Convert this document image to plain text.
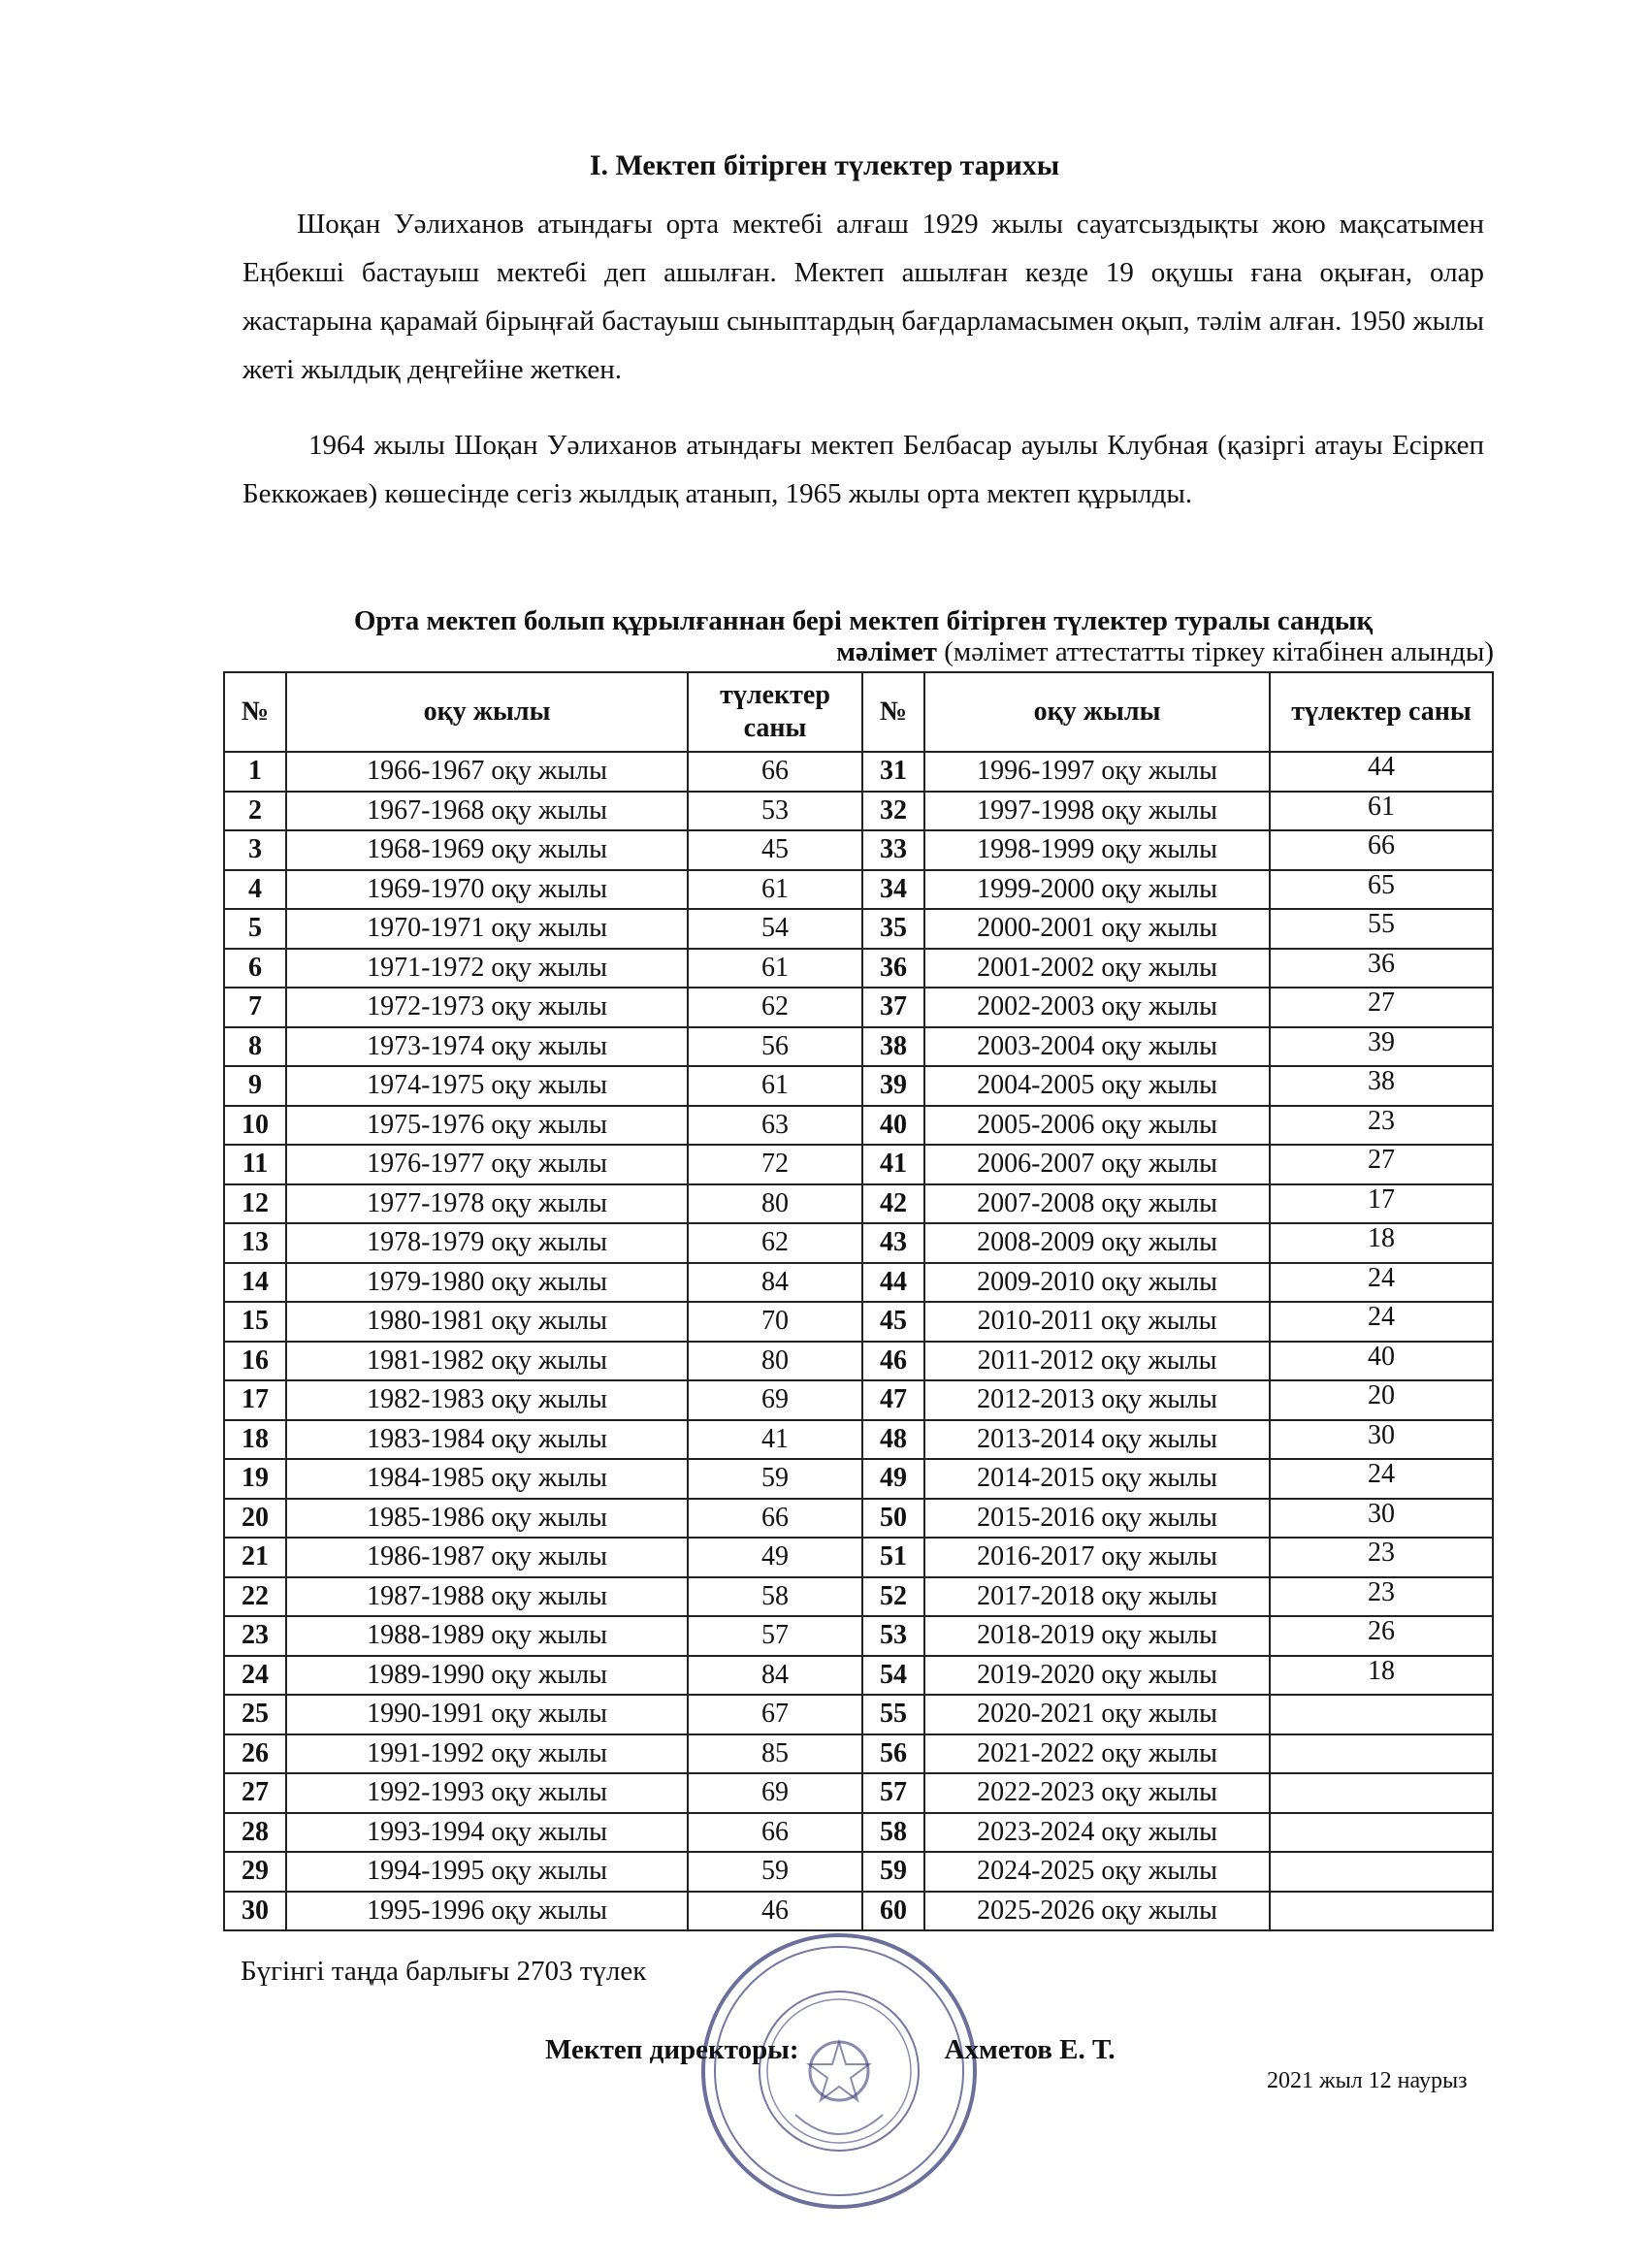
І. Мектеп бітірген түлектер тарихы

Шоқан Уәлиханов атындағы орта мектебі алғаш 1929 жылы сауатсыздықты жою мақсатымен Еңбекші бастауыш мектебі деп ашылған. Мектеп ашылған кезде 19 оқушы ғана оқыған, олар жастарына қарамай бірыңғай бастауыш сыныптардың бағдарламасымен оқып, тәлім алған. 1950 жылы жеті жылдық деңгейіне жеткен.

1964 жылы Шоқан Уәлиханов атындағы мектеп Белбасар ауылы Клубная (қазіргі атауы Есіркеп Беккожаев) көшесінде сегіз жылдық атанып, 1965 жылы орта мектеп құрылды.

Орта мектеп болып құрылғаннан бері мектеп бітірген түлектер туралы сандық
мәлімет (мәлімет аттестатты тіркеу кітабінен алынды)
№	оқу жылы	түлектер саны	№	оқу жылы	түлектер саны
1	1966-1967 оқу жылы	66	31	1996-1997 оқу жылы	44
2	1967-1968 оқу жылы	53	32	1997-1998 оқу жылы	61
3	1968-1969 оқу жылы	45	33	1998-1999 оқу жылы	66
4	1969-1970 оқу жылы	61	34	1999-2000 оқу жылы	65
5	1970-1971 оқу жылы	54	35	2000-2001 оқу жылы	55
6	1971-1972 оқу жылы	61	36	2001-2002 оқу жылы	36
7	1972-1973 оқу жылы	62	37	2002-2003 оқу жылы	27
8	1973-1974 оқу жылы	56	38	2003-2004 оқу жылы	39
9	1974-1975 оқу жылы	61	39	2004-2005 оқу жылы	38
10	1975-1976 оқу жылы	63	40	2005-2006 оқу жылы	23
11	1976-1977 оқу жылы	72	41	2006-2007 оқу жылы	27
12	1977-1978 оқу жылы	80	42	2007-2008 оқу жылы	17
13	1978-1979 оқу жылы	62	43	2008-2009 оқу жылы	18
14	1979-1980 оқу жылы	84	44	2009-2010 оқу жылы	24
15	1980-1981 оқу жылы	70	45	2010-2011 оқу жылы	24
16	1981-1982 оқу жылы	80	46	2011-2012 оқу жылы	40
17	1982-1983 оқу жылы	69	47	2012-2013 оқу жылы	20
18	1983-1984 оқу жылы	41	48	2013-2014 оқу жылы	30
19	1984-1985 оқу жылы	59	49	2014-2015 оқу жылы	24
20	1985-1986 оқу жылы	66	50	2015-2016 оқу жылы	30
21	1986-1987 оқу жылы	49	51	2016-2017 оқу жылы	23
22	1987-1988 оқу жылы	58	52	2017-2018 оқу жылы	23
23	1988-1989 оқу жылы	57	53	2018-2019 оқу жылы	26
24	1989-1990 оқу жылы	84	54	2019-2020 оқу жылы	18
25	1990-1991 оқу жылы	67	55	2020-2021 оқу жылы	
26	1991-1992 оқу жылы	85	56	2021-2022 оқу жылы	
27	1992-1993 оқу жылы	69	57	2022-2023 оқу жылы	
28	1993-1994 оқу жылы	66	58	2023-2024 оқу жылы	
29	1994-1995 оқу жылы	59	59	2024-2025 оқу жылы	
30	1995-1996 оқу жылы	46	60	2025-2026 оқу жылы	
Бүгінгі таңда барлығы 2703 түлек
Мектеп директоры:	Ахметов Е. Т.
2021 жыл 12 наурыз
